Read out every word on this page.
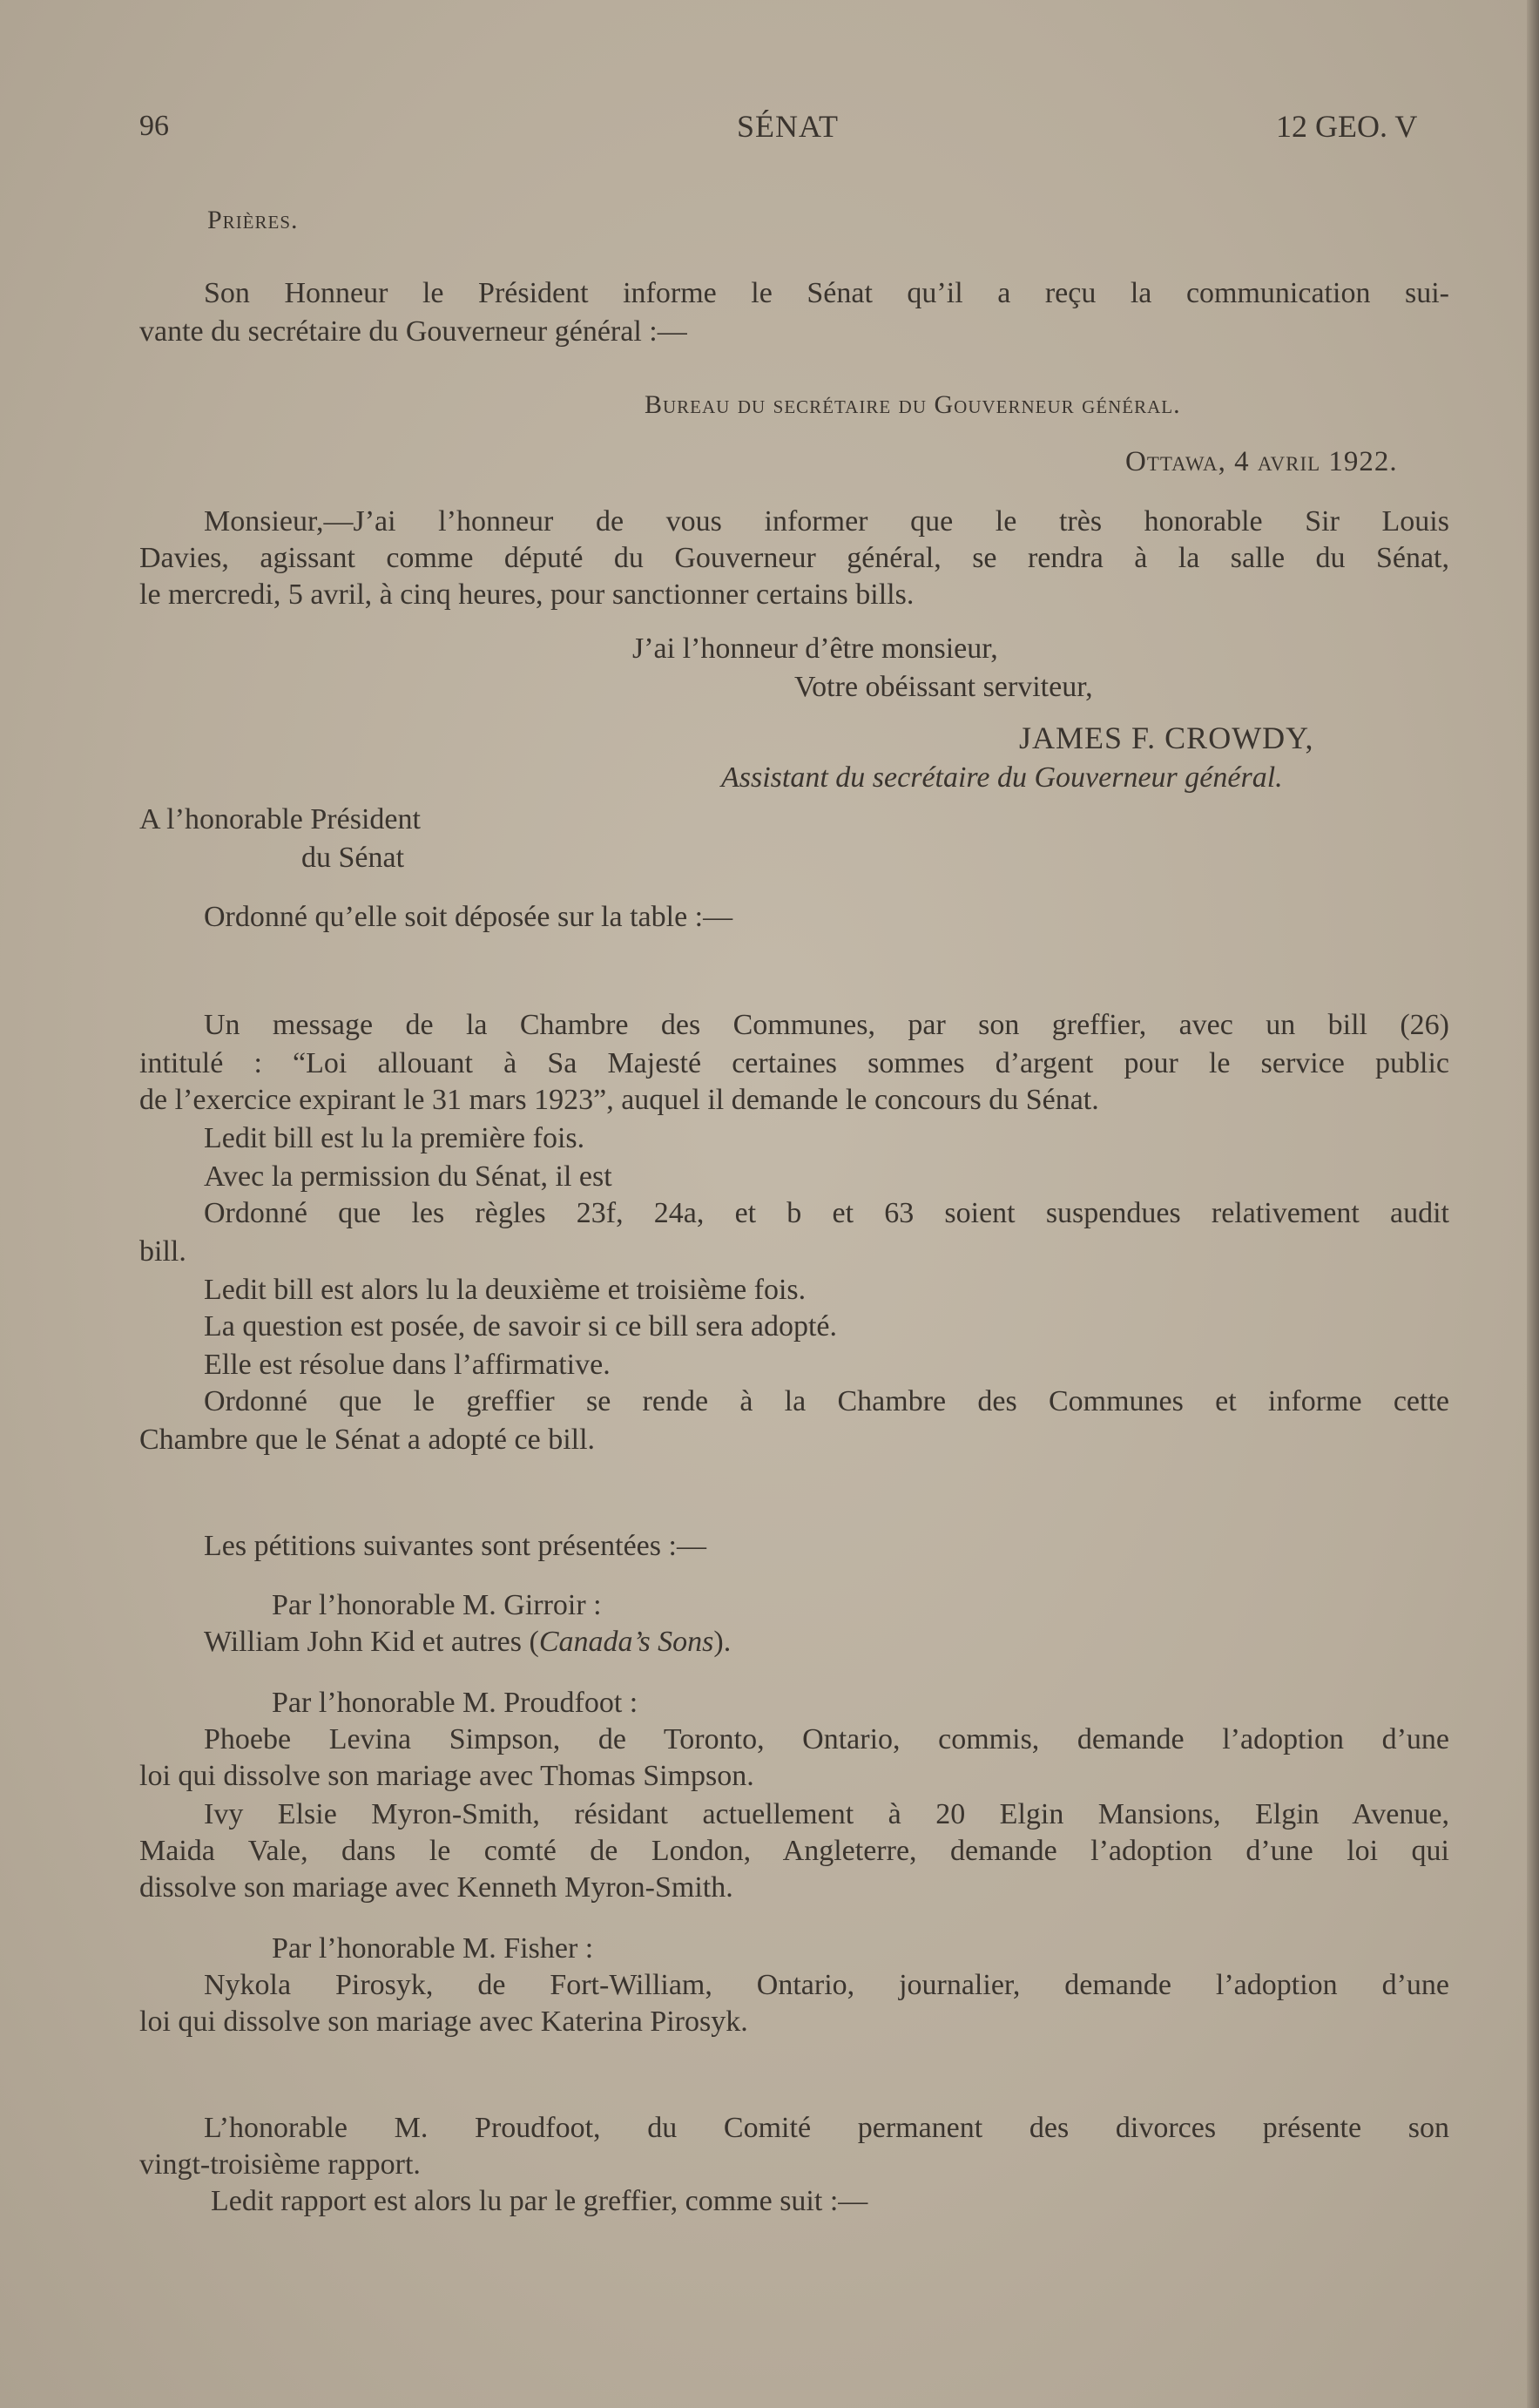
96	SÉNAT	12 GEO. V
Prières.
Son Honneur le Président informe le Sénat qu’il a reçu la communication sui-
vante du secrétaire du Gouverneur général :—
Bureau du secrétaire du Gouverneur général.
Ottawa, 4 avril 1922.
Monsieur,—J’ai l’honneur de vous informer que le très honorable Sir Louis
Davies, agissant comme député du Gouverneur général, se rendra à la salle du Sénat,
le mercredi, 5 avril, à cinq heures, pour sanctionner certains bills.
J’ai l’honneur d’être monsieur,
Votre obéissant serviteur,
JAMES F. CROWDY,
Assistant du secrétaire du Gouverneur général.
A l’honorable Président
du Sénat
Ordonné qu’elle soit déposée sur la table :—
Un message de la Chambre des Communes, par son greffier, avec un bill (26)
intitulé : “Loi allouant à Sa Majesté certaines sommes d’argent pour le service public
de l’exercice expirant le 31 mars 1923”, auquel il demande le concours du Sénat.
Ledit bill est lu la première fois.
Avec la permission du Sénat, il est
Ordonné que les règles 23f, 24a, et b et 63 soient suspendues relativement audit
bill.
Ledit bill est alors lu la deuxième et troisième fois.
La question est posée, de savoir si ce bill sera adopté.
Elle est résolue dans l’affirmative.
Ordonné que le greffier se rende à la Chambre des Communes et informe cette
Chambre que le Sénat a adopté ce bill.
Les pétitions suivantes sont présentées :—
Par l’honorable M. Girroir :
William John Kid et autres (Canada’s Sons).
Par l’honorable M. Proudfoot :
Phoebe Levina Simpson, de Toronto, Ontario, commis, demande l’adoption d’une
loi qui dissolve son mariage avec Thomas Simpson.
Ivy Elsie Myron-Smith, résidant actuellement à 20 Elgin Mansions, Elgin Avenue,
Maida Vale, dans le comté de London, Angleterre, demande l’adoption d’une loi qui
dissolve son mariage avec Kenneth Myron-Smith.
Par l’honorable M. Fisher :
Nykola Pirosyk, de Fort-William, Ontario, journalier, demande l’adoption d’une
loi qui dissolve son mariage avec Katerina Pirosyk.
L’honorable M. Proudfoot, du Comité permanent des divorces présente son
vingt-troisième rapport.
Ledit rapport est alors lu par le greffier, comme suit :—
